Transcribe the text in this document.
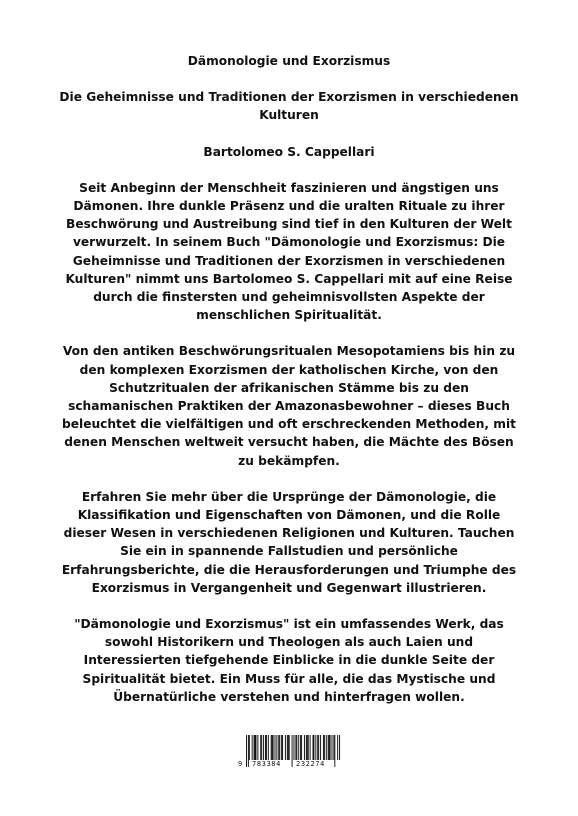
Dämonologie und Exorzismus
Die Geheimnisse und Traditionen der Exorzismen in verschiedenen Kulturen
Bartolomeo S. Cappellari
Seit Anbeginn der Menschheit faszinieren und ängstigen uns Dämonen. Ihre dunkle Präsenz und die uralten Rituale zu ihrer Beschwörung und Austreibung sind tief in den Kulturen der Welt verwurzelt. In seinem Buch "Dämonologie und Exorzismus: Die Geheimnisse und Traditionen der Exorzismen in verschiedenen Kulturen" nimmt uns Bartolomeo S. Cappellari mit auf eine Reise durch die finstersten und geheimnisvollsten Aspekte der menschlichen Spiritualität.
Von den antiken Beschwörungsritualen Mesopotamiens bis hin zu den komplexen Exorzismen der katholischen Kirche, von den Schutzritualen der afrikanischen Stämme bis zu den schamanischen Praktiken der Amazonasbewohner – dieses Buch beleuchtet die vielfältigen und oft erschreckenden Methoden, mit denen Menschen weltweit versucht haben, die Mächte des Bösen zu bekämpfen.
Erfahren Sie mehr über die Ursprünge der Dämonologie, die Klassifikation und Eigenschaften von Dämonen, und die Rolle dieser Wesen in verschiedenen Religionen und Kulturen. Tauchen Sie ein in spannende Fallstudien und persönliche Erfahrungsberichte, die die Herausforderungen und Triumphe des Exorzismus in Vergangenheit und Gegenwart illustrieren.
"Dämonologie und Exorzismus" ist ein umfassendes Werk, das sowohl Historikern und Theologen als auch Laien und Interessierten tiefgehende Einblicke in die dunkle Seite der Spiritualität bietet. Ein Muss für alle, die das Mystische und Übernatürliche verstehen und hinterfragen wollen.
9 783384 232274
